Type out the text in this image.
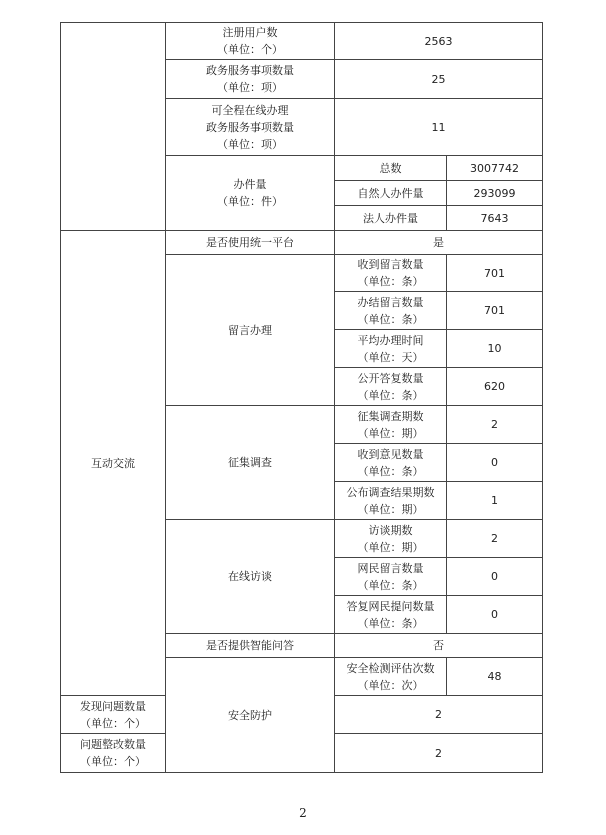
	注册用户数
（单位：个）	2563	

	政务服务事项数量
（单位：项）	25	

	可全程在线办理
政务服务事项数量
（单位：项）	11	

	办件量
（单位：件）	总数	3007742
		自然人办件量	293099
		法人办件量	7643
互动交流	是否使用统一平台	是	
	留言办理	收到留言数量
（单位：条）	701

		办结留言数量
（单位：条）	701

		平均办理时间
（单位：天）	10

		公开答复数量
（单位：条）	620
	征集调查	征集调查期数
（单位：期）	2

		收到意见数量
（单位：条）	0

		公布调查结果期数
（单位：期）	1
	在线访谈	访谈期数
（单位：期）	2

		网民留言数量
（单位：条）	0

		答复网民提问数量
（单位：条）	0
	是否提供智能问答	否	
	安全防护	安全检测评估次数
（单位：次）	48

发现问题数量
（单位：个）		2	

问题整改数量
（单位：个）		2	
2
